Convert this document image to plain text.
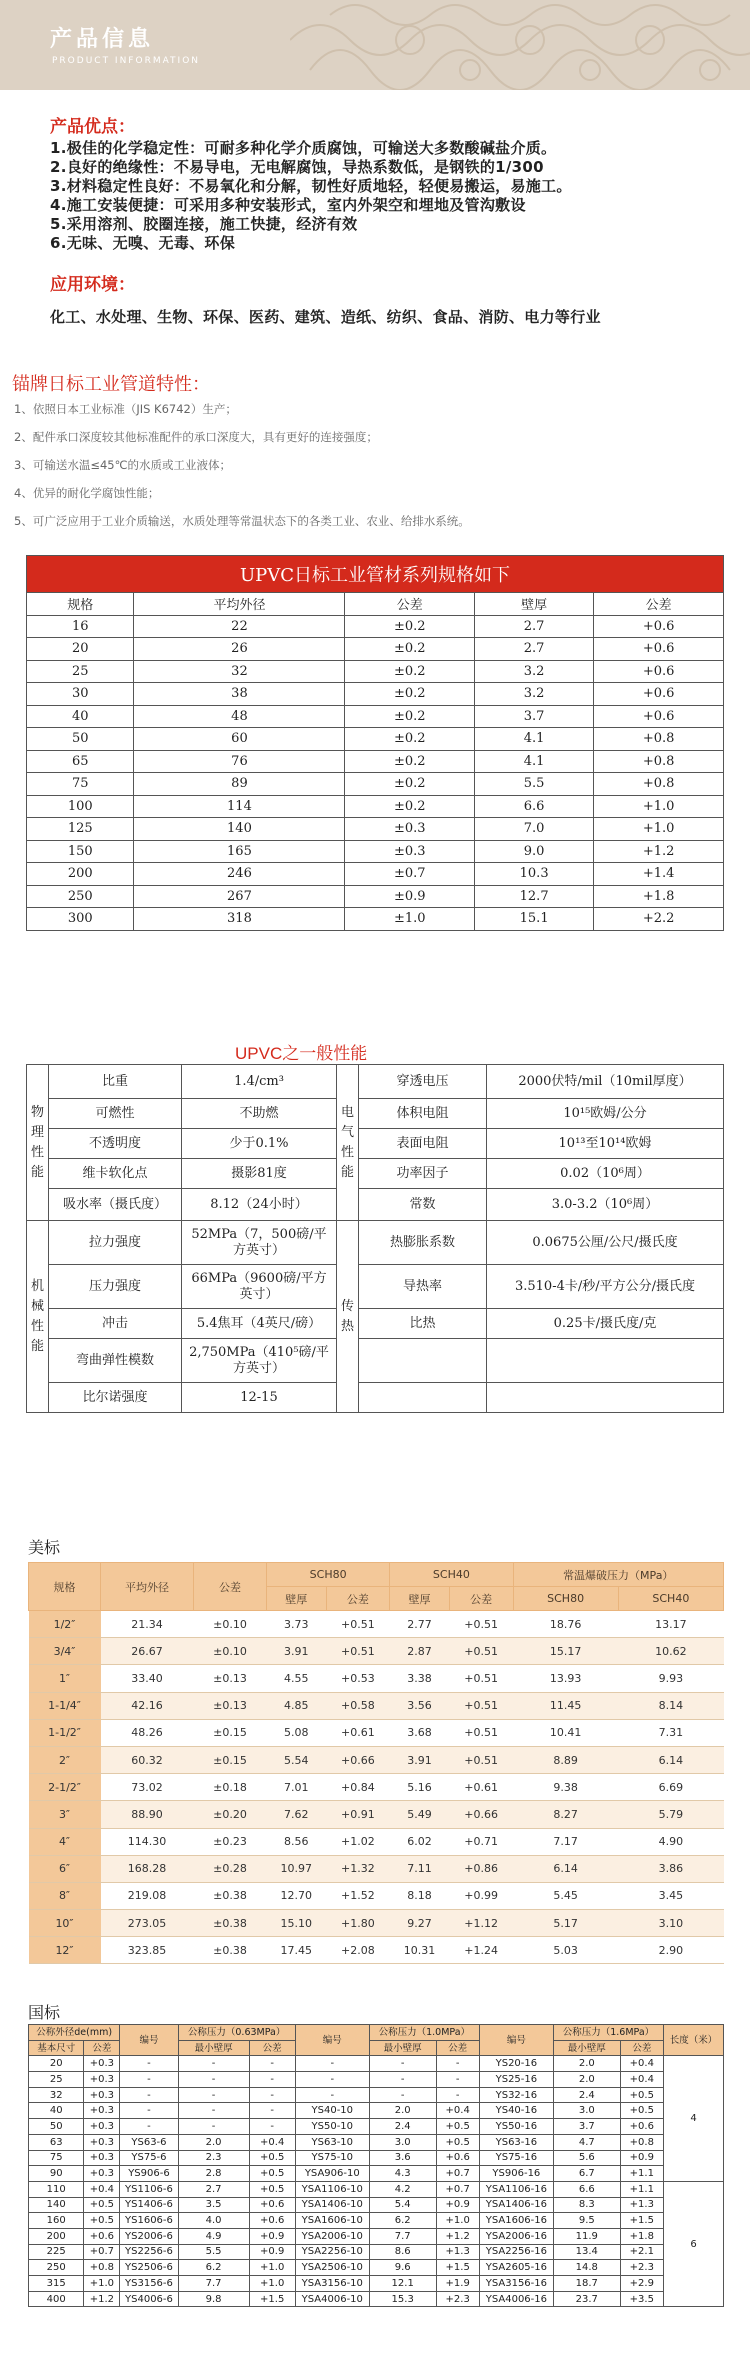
产品信息
PRODUCT INFORMATION
产品优点：

1.极佳的化学稳定性：可耐多种化学介质腐蚀，可输送大多数酸碱盐介质。

2.良好的绝缘性：不易导电，无电解腐蚀，导热系数低，是钢铁的1/300

3.材料稳定性良好：不易氧化和分解，韧性好质地轻，轻便易搬运，易施工。

4.施工安装便捷：可采用多种安装形式，室内外架空和埋地及管沟敷设

5.采用溶剂、胶圈连接，施工快捷，经济有效

6.无味、无嗅、无毒、环保

应用环境：
化工、水处理、生物、环保、医药、建筑、造纸、纺织、食品、消防、电力等行业
锚牌日标工业管道特性：

1、依照日本工业标准（JIS K6742）生产；

2、配件承口深度较其他标准配件的承口深度大，具有更好的连接强度；

3、可输送水温≤45℃的水质或工业液体；

4、优异的耐化学腐蚀性能；

5、可广泛应用于工业介质输送，水质处理等常温状态下的各类工业、农业、给排水系统。

UPVC日标工业管材系列规格如下				
规格	平均外径	公差	壁厚	公差
16	22	±0.2	2.7	+0.6
20	26	±0.2	2.7	+0.6
25	32	±0.2	3.2	+0.6
30	38	±0.2	3.2	+0.6
40	48	±0.2	3.7	+0.6
50	60	±0.2	4.1	+0.8
65	76	±0.2	4.1	+0.8
75	89	±0.2	5.5	+0.8
100	114	±0.2	6.6	+1.0
125	140	±0.3	7.0	+1.0
150	165	±0.3	9.0	+1.2
200	246	±0.7	10.3	+1.4
250	267	±0.9	12.7	+1.8
300	318	±1.0	15.1	+2.2
UPVC之一般性能
物理性能	比重	1.4/cm³	电气性能	穿透电压	2000伏特/mil（10mil厚度）
	可燃性	不助燃		体积电阻	10¹⁵欧姆/公分
	不透明度	少于0.1%		表面电阻	10¹³至10¹⁴欧姆
	维卡软化点	摄影81度		功率因子	0.02（10⁶周）
	吸水率（摄氏度）	8.12（24小时）		常数	3.0-3.2（10⁶周）
机械性能	拉力强度	52MPa（7，500磅/平方英寸）	传热	热膨胀系数	0.0675公厘/公尺/摄氏度
	压力强度	66MPa（9600磅/平方英寸）		导热率	3.510-4卡/秒/平方公分/摄氏度
	冲击	5.4焦耳（4英尺/磅）		比热	0.25卡/摄氏度/克
	弯曲弹性模数	2,750MPa（410⁵磅/平方英寸）			
	比尔诺强度	12-15			
美标
规格	平均外径	公差	SCH80		SCH40		常温爆破压力（MPa）	
			壁厚	公差	壁厚	公差	SCH80	SCH40
1/2″	21.34	±0.10	3.73	+0.51	2.77	+0.51	18.76	13.17
3/4″	26.67	±0.10	3.91	+0.51	2.87	+0.51	15.17	10.62
1″	33.40	±0.13	4.55	+0.53	3.38	+0.51	13.93	9.93
1-1/4″	42.16	±0.13	4.85	+0.58	3.56	+0.51	11.45	8.14
1-1/2″	48.26	±0.15	5.08	+0.61	3.68	+0.51	10.41	7.31
2″	60.32	±0.15	5.54	+0.66	3.91	+0.51	8.89	6.14
2-1/2″	73.02	±0.18	7.01	+0.84	5.16	+0.61	9.38	6.69
3″	88.90	±0.20	7.62	+0.91	5.49	+0.66	8.27	5.79
4″	114.30	±0.23	8.56	+1.02	6.02	+0.71	7.17	4.90
6″	168.28	±0.28	10.97	+1.32	7.11	+0.86	6.14	3.86
8″	219.08	±0.38	12.70	+1.52	8.18	+0.99	5.45	3.45
10″	273.05	±0.38	15.10	+1.80	9.27	+1.12	5.17	3.10
12″	323.85	±0.38	17.45	+2.08	10.31	+1.24	5.03	2.90
国标
公称外径de(mm)		编号	公称压力（0.63MPa）		编号	公称压力（1.0MPa）		编号	公称压力（1.6MPa）		长度（米）
基本尺寸	公差		最小壁厚	公差		最小壁厚	公差		最小壁厚	公差	
20	+0.3	-	-	-	-	-	-	YS20-16	2.0	+0.4	4
25	+0.3	-	-	-	-	-	-	YS25-16	2.0	+0.4	
32	+0.3	-	-	-	-	-	-	YS32-16	2.4	+0.5	
40	+0.3	-	-	-	YS40-10	2.0	+0.4	YS40-16	3.0	+0.5	
50	+0.3	-	-	-	YS50-10	2.4	+0.5	YS50-16	3.7	+0.6	
63	+0.3	YS63-6	2.0	+0.4	YS63-10	3.0	+0.5	YS63-16	4.7	+0.8	
75	+0.3	YS75-6	2.3	+0.5	YS75-10	3.6	+0.6	YS75-16	5.6	+0.9	
90	+0.3	YS906-6	2.8	+0.5	YSA906-10	4.3	+0.7	YS906-16	6.7	+1.1	
110	+0.4	YS1106-6	2.7	+0.5	YSA1106-10	4.2	+0.7	YSA1106-16	6.6	+1.1	6
140	+0.5	YS1406-6	3.5	+0.6	YSA1406-10	5.4	+0.9	YSA1406-16	8.3	+1.3	
160	+0.5	YS1606-6	4.0	+0.6	YSA1606-10	6.2	+1.0	YSA1606-16	9.5	+1.5	
200	+0.6	YS2006-6	4.9	+0.9	YSA2006-10	7.7	+1.2	YSA2006-16	11.9	+1.8	
225	+0.7	YS2256-6	5.5	+0.9	YSA2256-10	8.6	+1.3	YSA2256-16	13.4	+2.1	
250	+0.8	YS2506-6	6.2	+1.0	YSA2506-10	9.6	+1.5	YSA2605-16	14.8	+2.3	
315	+1.0	YS3156-6	7.7	+1.0	YSA3156-10	12.1	+1.9	YSA3156-16	18.7	+2.9	
400	+1.2	YS4006-6	9.8	+1.5	YSA4006-10	15.3	+2.3	YSA4006-16	23.7	+3.5	
